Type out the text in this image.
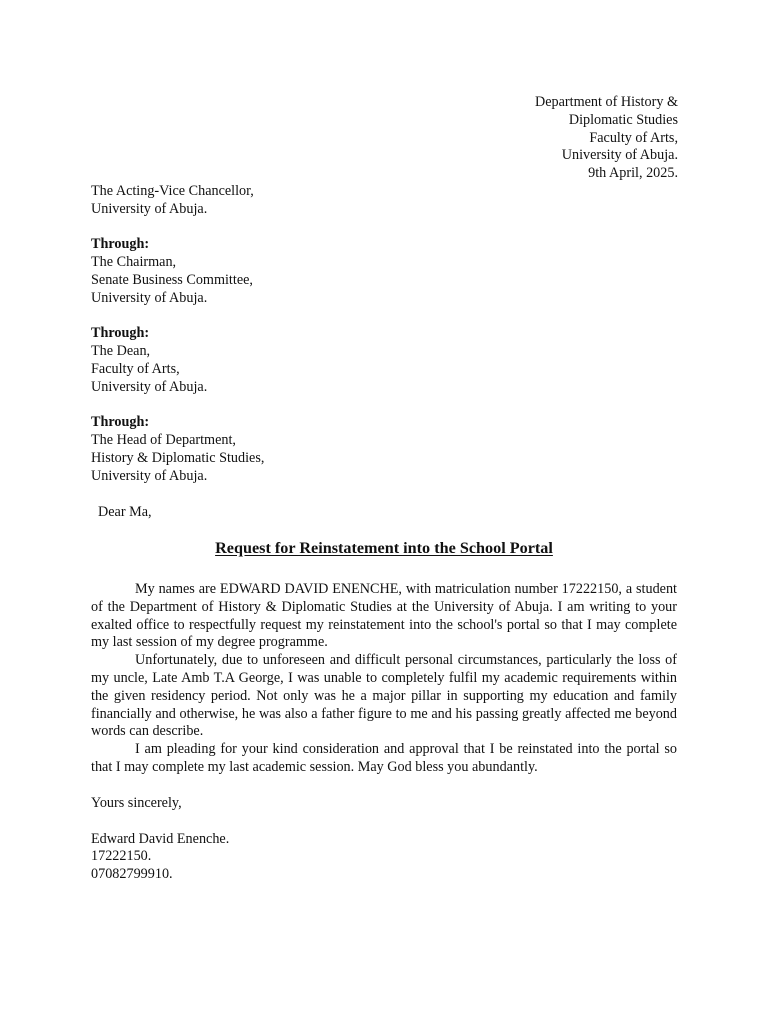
Department of History &
Diplomatic Studies
Faculty of Arts,
University of Abuja.
9th April, 2025.
The Acting-Vice Chancellor,
University of Abuja.
Through:
The Chairman,
Senate Business Committee,
University of Abuja.
Through:
The Dean,
Faculty of Arts,
University of Abuja.
Through:
The Head of Department,
History & Diplomatic Studies,
University of Abuja.
Dear Ma,
Request for Reinstatement into the School Portal

My names are EDWARD DAVID ENENCHE, with matriculation number 17222150, a student of the Department of History & Diplomatic Studies at the University of Abuja. I am writing to your exalted office to respectfully request my reinstatement into the school's portal so that I may complete my last session of my degree programme.

Unfortunately, due to unforeseen and difficult personal circumstances, particularly the loss of my uncle, Late Amb T.A George, I was unable to completely fulfil my academic requirements within the given residency period. Not only was he a major pillar in supporting my education and family financially and otherwise, he was also a father figure to me and his passing greatly affected me beyond words can describe.

I am pleading for your kind consideration and approval that I be reinstated into the portal so that I may complete my last academic session. May God bless you abundantly.

Yours sincerely,
Edward David Enenche.
17222150.
07082799910.
